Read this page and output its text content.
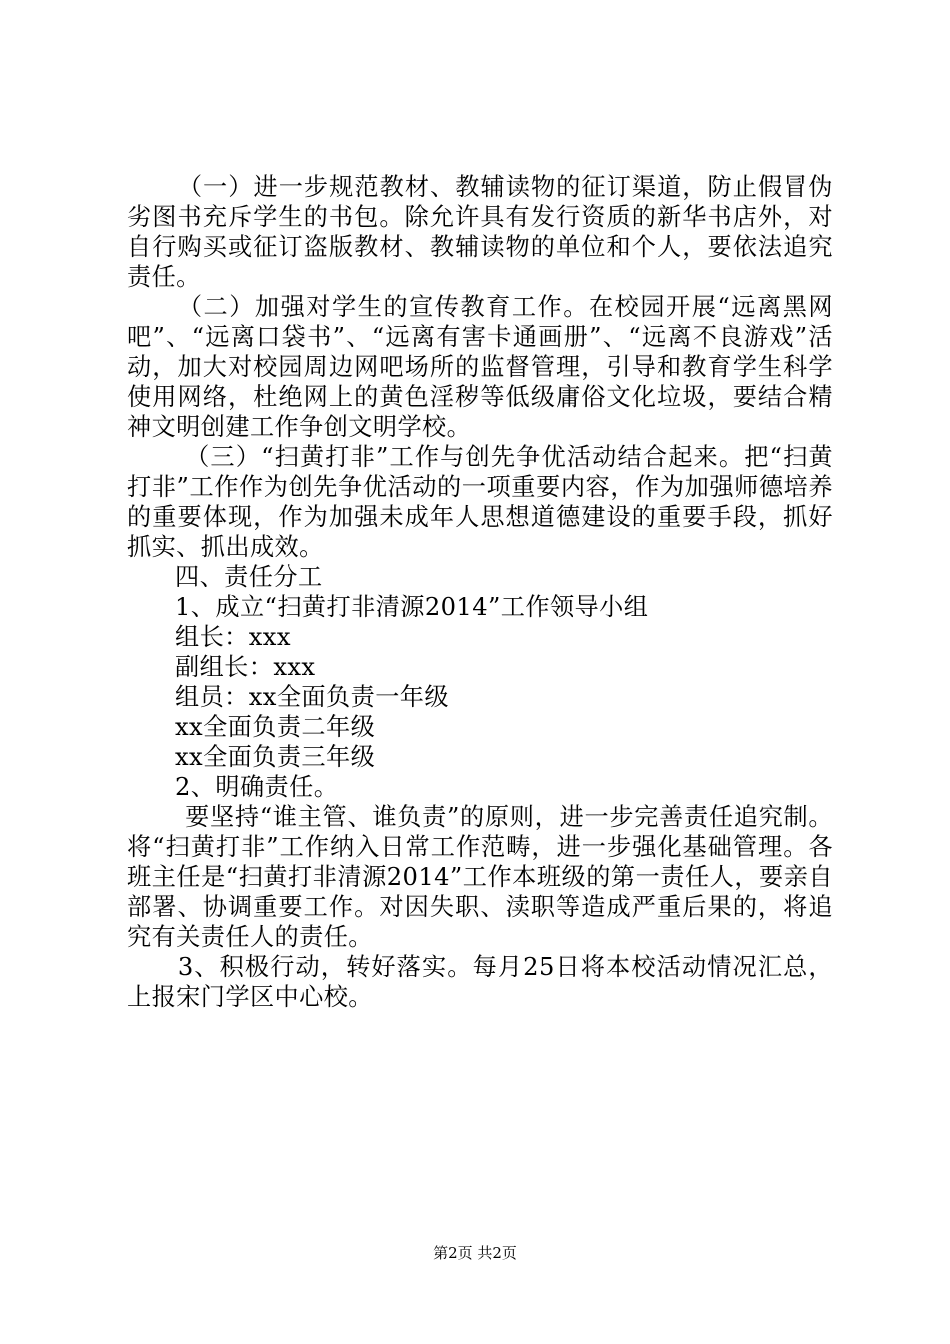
（一）进一步规范教材、教辅读物的征订渠道，防止假冒伪劣图书充斥学生的书包。除允许具有发行资质的新华书店外，对自行购买或征订盗版教材、教辅读物的单位和个人，要依法追究责任。

（二）加强对学生的宣传教育工作。在校园开展“远离黑网吧”、“远离口袋书”、“远离有害卡通画册”、“远离不良游戏”活动，加大对校园周边网吧场所的监督管理，引导和教育学生科学使用网络，杜绝网上的黄色淫秽等低级庸俗文化垃圾，要结合精神文明创建工作争创文明学校。

（三）“扫黄打非”工作与创先争优活动结合起来。把“扫黄打非”工作作为创先争优活动的一项重要内容，作为加强师德培养的重要体现，作为加强未成年人思想道德建设的重要手段，抓好抓实、抓出成效。

四、责任分工

1、成立“扫黄打非清源2014”工作领导小组

组长：xxx

副组长：xxx

组员：xx全面负责一年级

xx全面负责二年级

xx全面负责三年级

2、明确责任。

要坚持“谁主管、谁负责”的原则，进一步完善责任追究制。将“扫黄打非”工作纳入日常工作范畴，进一步强化基础管理。各班主任是“扫黄打非清源2014”工作本班级的第一责任人，要亲自部署、协调重要工作。对因失职、渎职等造成严重后果的，将追究有关责任人的责任。

3、积极行动，转好落实。每月25日将本校活动情况汇总，上报宋门学区中心校。

第2页 共2页
